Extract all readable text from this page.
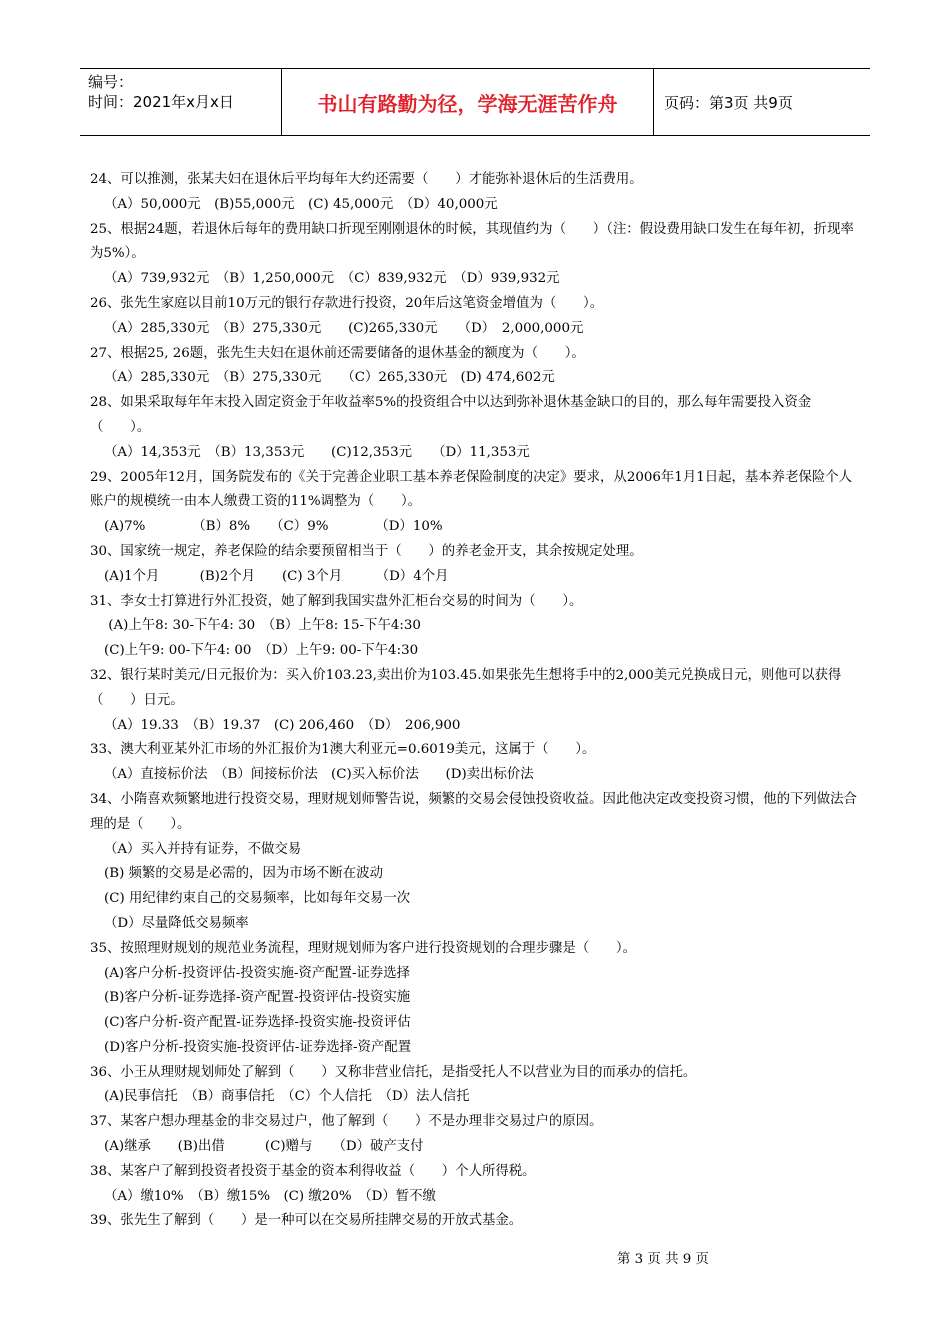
编号：
时间：2021年x月x日	书山有路勤为径，学海无涯苦作舟	页码：第3页 共9页

24、可以推测，张某夫妇在退休后平均每年大约还需要（　　）才能弥补退休后的生活费用。

（A）50,000元　(B)55,000元　(C) 45,000元　（D）40,000元

25、根据24题，若退休后每年的费用缺口折现至刚刚退休的时候，其现值约为（　　）（注：假设费用缺口发生在每年初，折现率为5%）。

（A）739,932元　（B）1,250,000元　（C）839,932元　（D）939,932元

26、张先生家庭以目前10万元的银行存款进行投资，20年后这笔资金增值为（　　）。

（A）285,330元　（B）275,330元　　(C)265,330元　　（D）　2,000,000元

27、根据25, 26题，张先生夫妇在退休前还需要储备的退休基金的额度为（　　）。

（A）285,330元　（B）275,330元　　（C）265,330元　(D) 474,602元

28、如果采取每年年末投入固定资金于年收益率5%的投资组合中以达到弥补退休基金缺口的目的，那么每年需要投入资金（　　）。

（A）14,353元　（B）13,353元　　(C)12,353元　　（D）11,353元

29、2005年12月，国务院发布的《关于完善企业职工基本养老保险制度的决定》要求，从2006年1月1日起，基本养老保险个人账户的规模统一由本人缴费工资的11%调整为（　　）。

(A)7%　　　　（B）8%　　（C）9%　　　　（D）10%

30、国家统一规定，养老保险的结余要预留相当于（　　）的养老金开支，其余按规定处理。

(A)1个月　　　(B)2个月　　(C) 3个月　　　（D）4个月

31、李女士打算进行外汇投资，她了解到我国实盘外汇柜台交易的时间为（　　）。

(A)上午8: 30-下午4: 30　（B）上午8: 15-下午4:30

(C)上午9: 00-下午4: 00　（D）上午9: 00-下午4:30

32、银行某时美元/日元报价为：买入价103.23,卖出价为103.45.如果张先生想将手中的2,000美元兑换成日元，则他可以获得（　　）日元。

（A）19.33　（B）19.37　(C) 206,460　（D）　206,900

33、澳大利亚某外汇市场的外汇报价为1澳大利亚元=0.6019美元，这属于（　　）。

（A）直接标价法　（B）间接标价法　(C)买入标价法　　(D)卖出标价法

34、小隋喜欢频繁地进行投资交易，理财规划师警告说，频繁的交易会侵蚀投资收益。因此他决定改变投资习惯，他的下列做法合理的是（　　）。

（A）买入并持有证券，不做交易

(B) 频繁的交易是必需的，因为市场不断在波动

(C) 用纪律约束自己的交易频率，比如每年交易一次

（D）尽量降低交易频率

35、按照理财规划的规范业务流程，理财规划师为客户进行投资规划的合理步骤是（　　）。

(A)客户分析-投资评估-投资实施-资产配置-证券选择

(B)客户分析-证券选择-资产配置-投资评估-投资实施

(C)客户分析-资产配置-证券选择-投资实施-投资评估

(D)客户分析-投资实施-投资评估-证券选择-资产配置

36、小王从理财规划师处了解到（　　）又称非营业信托，是指受托人不以营业为目的而承办的信托。

(A)民事信托　（B）商事信托　（C）个人信托　（D）法人信托

37、某客户想办理基金的非交易过户，他了解到（　　）不是办理非交易过户的原因。

(A)继承　　(B)出借　　　(C)赠与　　（D）破产支付

38、某客户了解到投资者投资于基金的资本利得收益（　　）个人所得税。

（A）缴10%　（B）缴15%　(C) 缴20%　（D）暂不缴

39、张先生了解到（　　）是一种可以在交易所挂牌交易的开放式基金。

第 3 页 共 9 页
